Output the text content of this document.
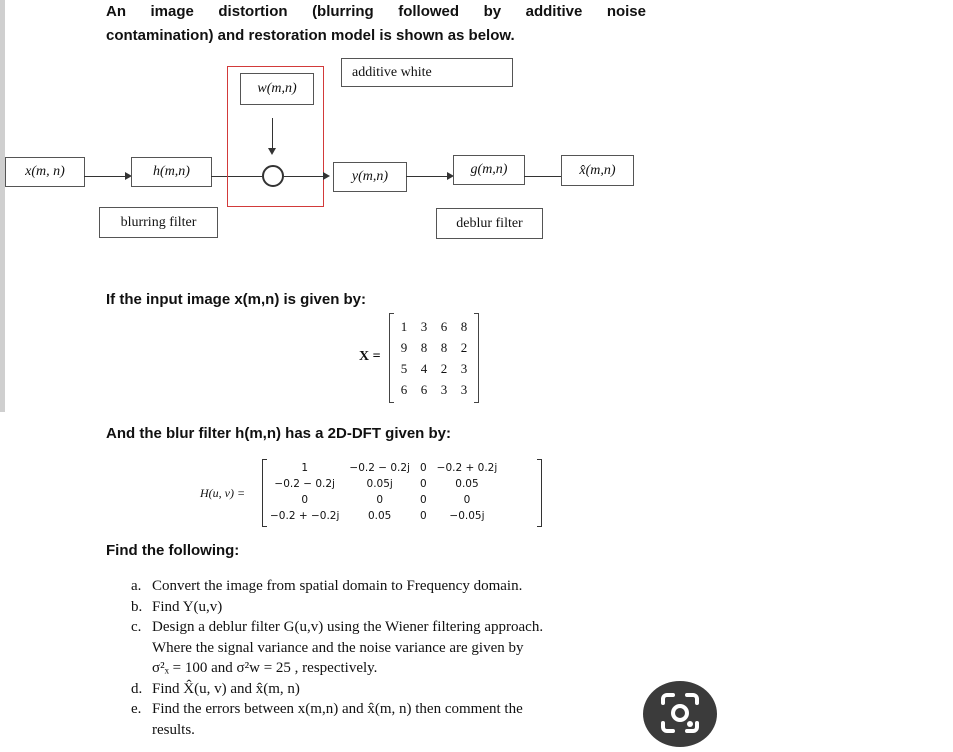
An image distortion (blurring followed by additive noise
contamination) and restoration model is shown as below.
x(m, n)	h(m,n)
w(m,n)
additive white
y(m,n)	g(m,n)	x̂(m,n)
blurring filter	deblur filter
If the input image x(m,n) is given by:
X =
1	3	6	8
9	8	8	2
5	4	2	3
6	6	3	3
And the blur filter h(m,n) has a 2D-DFT given by:
H(u, v) =
1	−0.2 − 0.2j	0	−0.2 + 0.2j
−0.2 − 0.2j	0.05j	0	0.05
0	0	0	0
−0.2 + −0.2j	0.05	0	−0.05j
Find the following:
a. Convert the image from spatial domain to Frequency domain.
b. Find Y(u,v)
c. Design a deblur filter G(u,v) using the Wiener filtering approach.
Where the signal variance and the noise variance are given by
σ²ₓ = 100 and σ²w = 25 , respectively.
d. Find X̂(u, v) and x̂(m, n)
e. Find the errors between x(m,n) and x̂(m, n) then comment the
results.
